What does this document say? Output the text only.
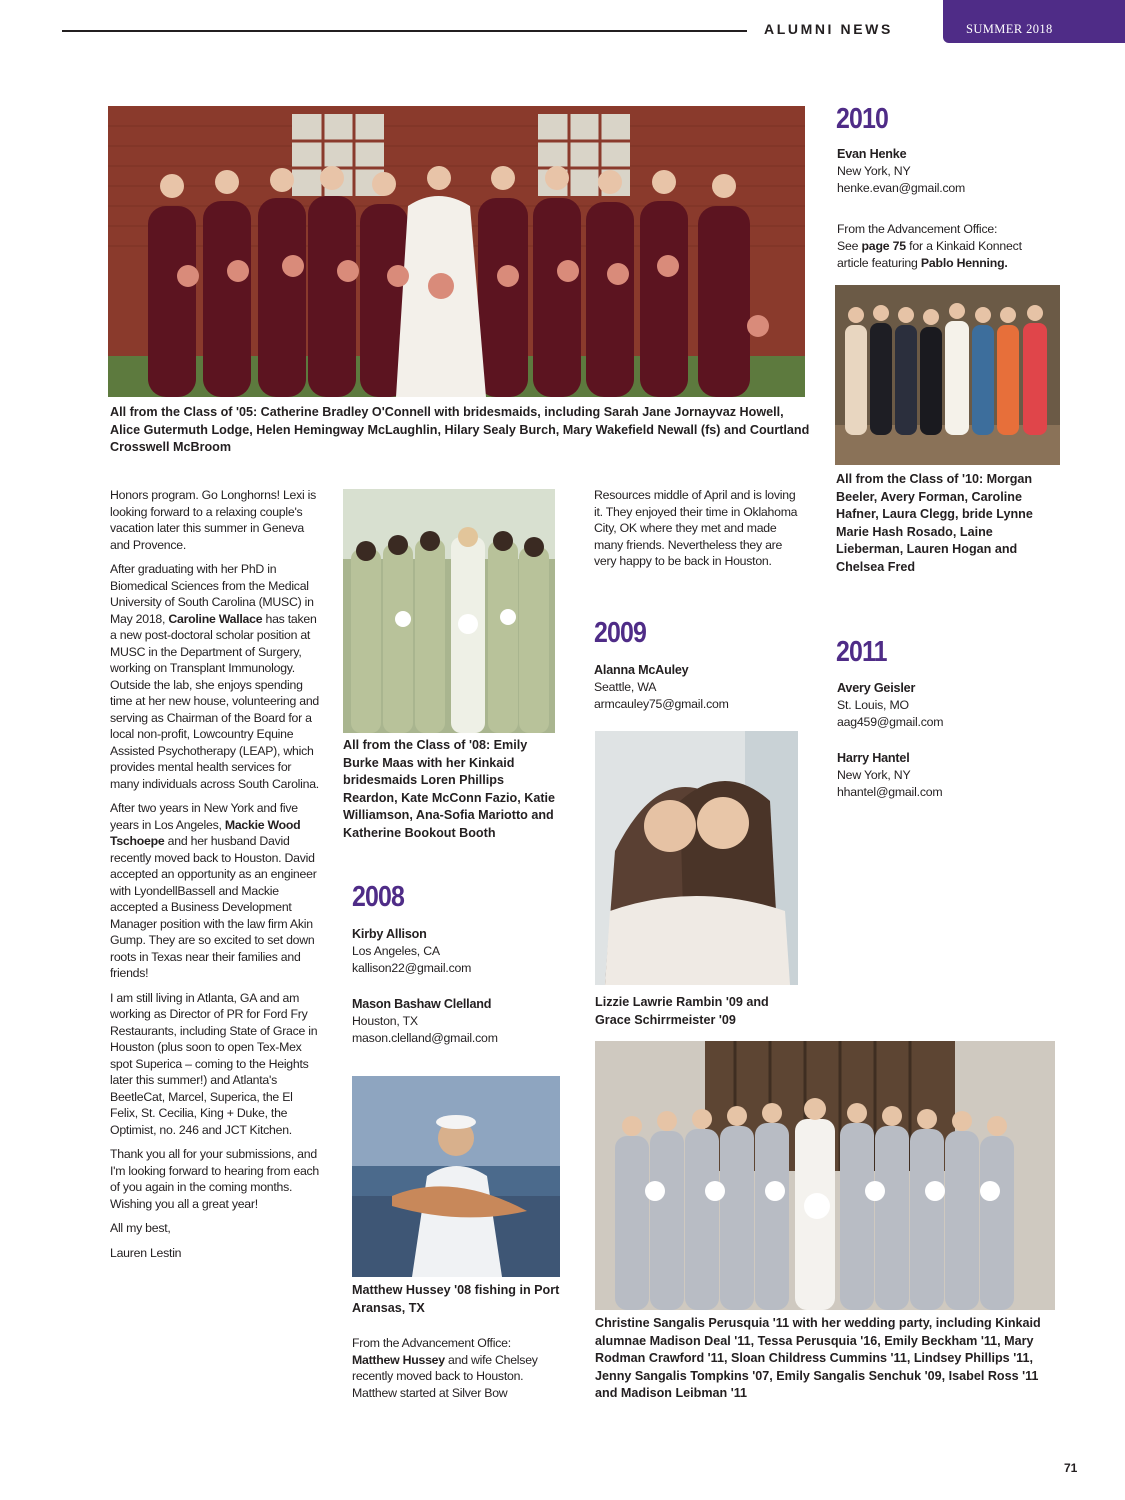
ALUMNI NEWS	SUMMER 2018
All from the Class of '05: Catherine Bradley O'Connell with bridesmaids, including Sarah Jane Jornayvaz Howell, Alice Gutermuth Lodge, Helen Hemingway McLaughlin, Hilary Sealy Burch, Mary Wakefield Newall (fs) and Courtland Crosswell McBroom
2010
Evan Henke
New York, NY
henke.evan@gmail.com
From the Advancement Office:
See page 75 for a Kinkaid Konnect article featuring Pablo Henning.
All from the Class of '10: Morgan Beeler, Avery Forman, Caroline Hafner, Laura Clegg, bride Lynne Marie Hash Rosado, Laine Lieberman, Lauren Hogan and Chelsea Fred
2011
Avery Geisler
St. Louis, MO
aag459@gmail.com
Harry Hantel
New York, NY
hhantel@gmail.com

Honors program. Go Longhorns! Lexi is looking forward to a relaxing couple's vacation later this summer in Geneva and Provence.

After graduating with her PhD in Biomedical Sciences from the Medical University of South Carolina (MUSC) in May 2018, Caroline Wallace has taken a new post-doctoral scholar position at MUSC in the Department of Surgery, working on Transplant Immunology. Outside the lab, she enjoys spending time at her new house, volunteering and serving as Chairman of the Board for a local non-profit, Lowcountry Equine Assisted Psychotherapy (LEAP), which provides mental health services for many individuals across South Carolina.

After two years in New York and five years in Los Angeles, Mackie Wood Tschoepe and her husband David recently moved back to Houston. David accepted an opportunity as an engineer with LyondellBassell and Mackie accepted a Business Development Manager position with the law firm Akin Gump. They are so excited to set down roots in Texas near their families and friends!

I am still living in Atlanta, GA and am working as Director of PR for Ford Fry Restaurants, including State of Grace in Houston (plus soon to open Tex-Mex spot Superica – coming to the Heights later this summer!) and Atlanta's BeetleCat, Marcel, Superica, the El Felix, St. Cecilia, King + Duke, the Optimist, no. 246 and JCT Kitchen.

Thank you all for your submissions, and I'm looking forward to hearing from each of you again in the coming months. Wishing you all a great year!

All my best,

Lauren Lestin

All from the Class of '08: Emily Burke Maas with her Kinkaid bridesmaids Loren Phillips Reardon, Kate McConn Fazio, Katie Williamson, Ana-Sofia Mariotto and Katherine Bookout Booth
2008
Kirby Allison
Los Angeles, CA
kallison22@gmail.com
Mason Bashaw Clelland
Houston, TX
mason.clelland@gmail.com
Matthew Hussey '08 fishing in Port Aransas, TX
From the Advancement Office:
Matthew Hussey and wife Chelsey recently moved back to Houston. Matthew started at Silver Bow

Resources middle of April and is loving it. They enjoyed their time in Oklahoma City, OK where they met and made many friends. Nevertheless they are very happy to be back in Houston.

2009
Alanna McAuley
Seattle, WA
armcauley75@gmail.com
Lizzie Lawrie Rambin '09 and Grace Schirrmeister '09
Christine Sangalis Perusquia '11 with her wedding party, including Kinkaid alumnae Madison Deal '11, Tessa Perusquia '16, Emily Beckham '11, Mary Rodman Crawford '11, Sloan Childress Cummins '11, Lindsey Phillips '11, Jenny Sangalis Tompkins '07, Emily Sangalis Senchuk '09, Isabel Ross '11 and Madison Leibman '11
71
